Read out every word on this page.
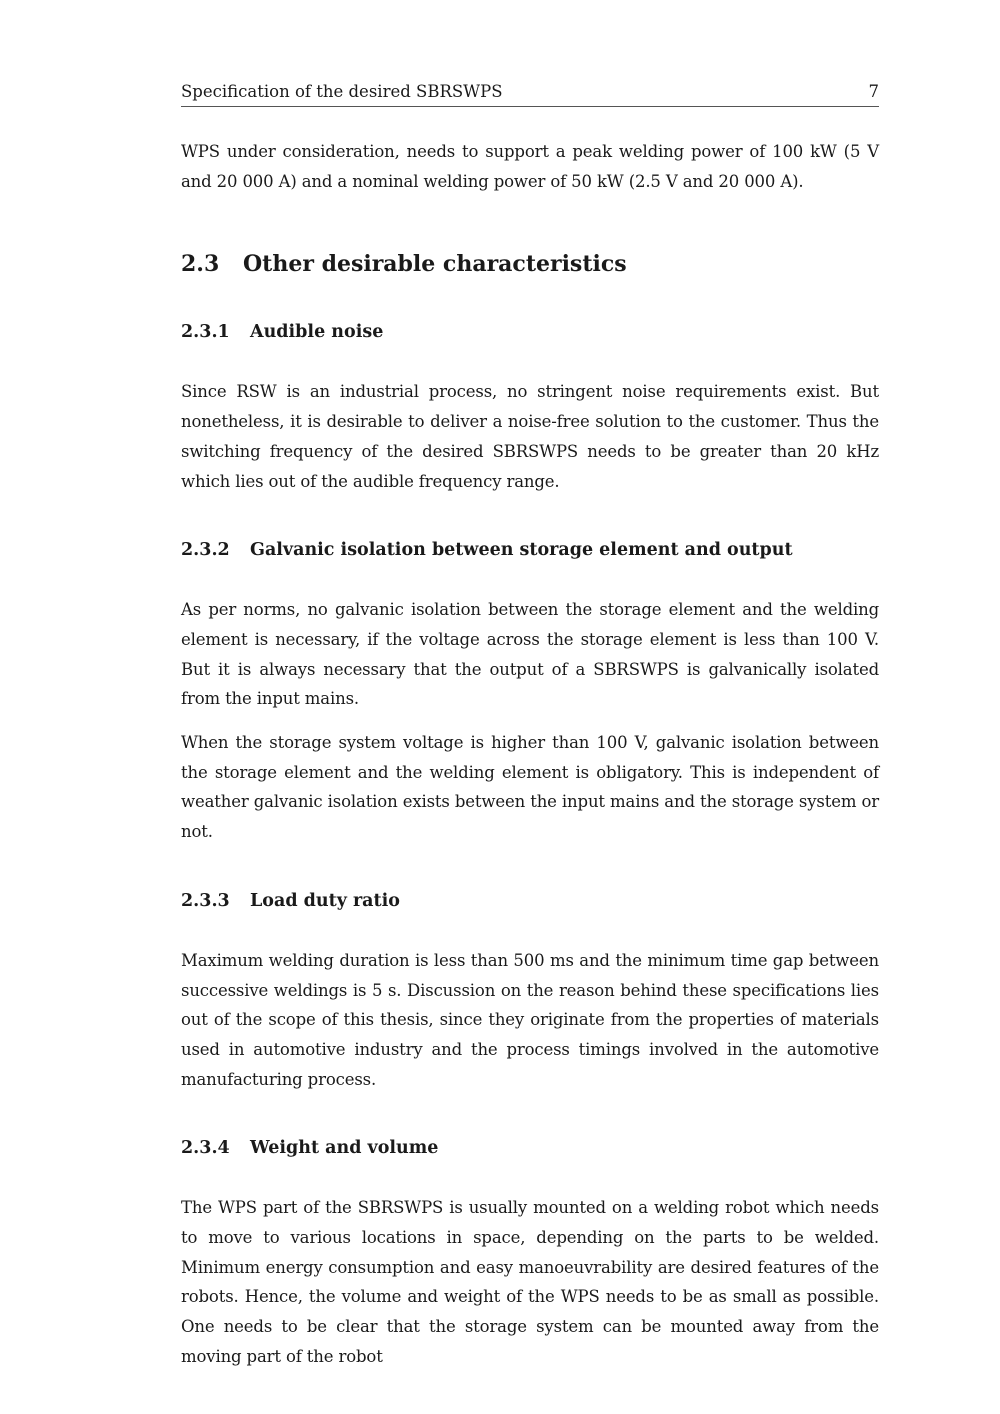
Specification of the desired SBRSWPS	7

WPS under consideration, needs to support a peak welding power of 100 kW (5 V and 20 000 A) and a nominal welding power of 50 kW (2.5 V and 20 000 A).

2.3	Other desirable characteristics
2.3.1	Audible noise

Since RSW is an industrial process, no stringent noise requirements exist. But nonetheless, it is desirable to deliver a noise-free solution to the customer. Thus the switching frequency of the desired SBRSWPS needs to be greater than 20 kHz which lies out of the audible frequency range.

2.3.2	Galvanic isolation between storage element and output

As per norms, no galvanic isolation between the storage element and the welding element is necessary, if the voltage across the storage element is less than 100 V. But it is always necessary that the output of a SBRSWPS is galvanically isolated from the input mains.

When the storage system voltage is higher than 100 V, galvanic isolation between the storage element and the welding element is obligatory. This is independent of weather galvanic isolation exists between the input mains and the storage system or not.

2.3.3	Load duty ratio

Maximum welding duration is less than 500 ms and the minimum time gap between successive weldings is 5 s. Discussion on the reason behind these specifications lies out of the scope of this thesis, since they originate from the properties of materials used in automotive industry and the process timings involved in the automotive manufacturing process.

2.3.4	Weight and volume

The WPS part of the SBRSWPS is usually mounted on a welding robot which needs to move to various locations in space, depending on the parts to be welded. Minimum energy consumption and easy manoeuvrability are desired features of the robots. Hence, the volume and weight of the WPS needs to be as small as possible. One needs to be clear that the storage system can be mounted away from the moving part of the robot
